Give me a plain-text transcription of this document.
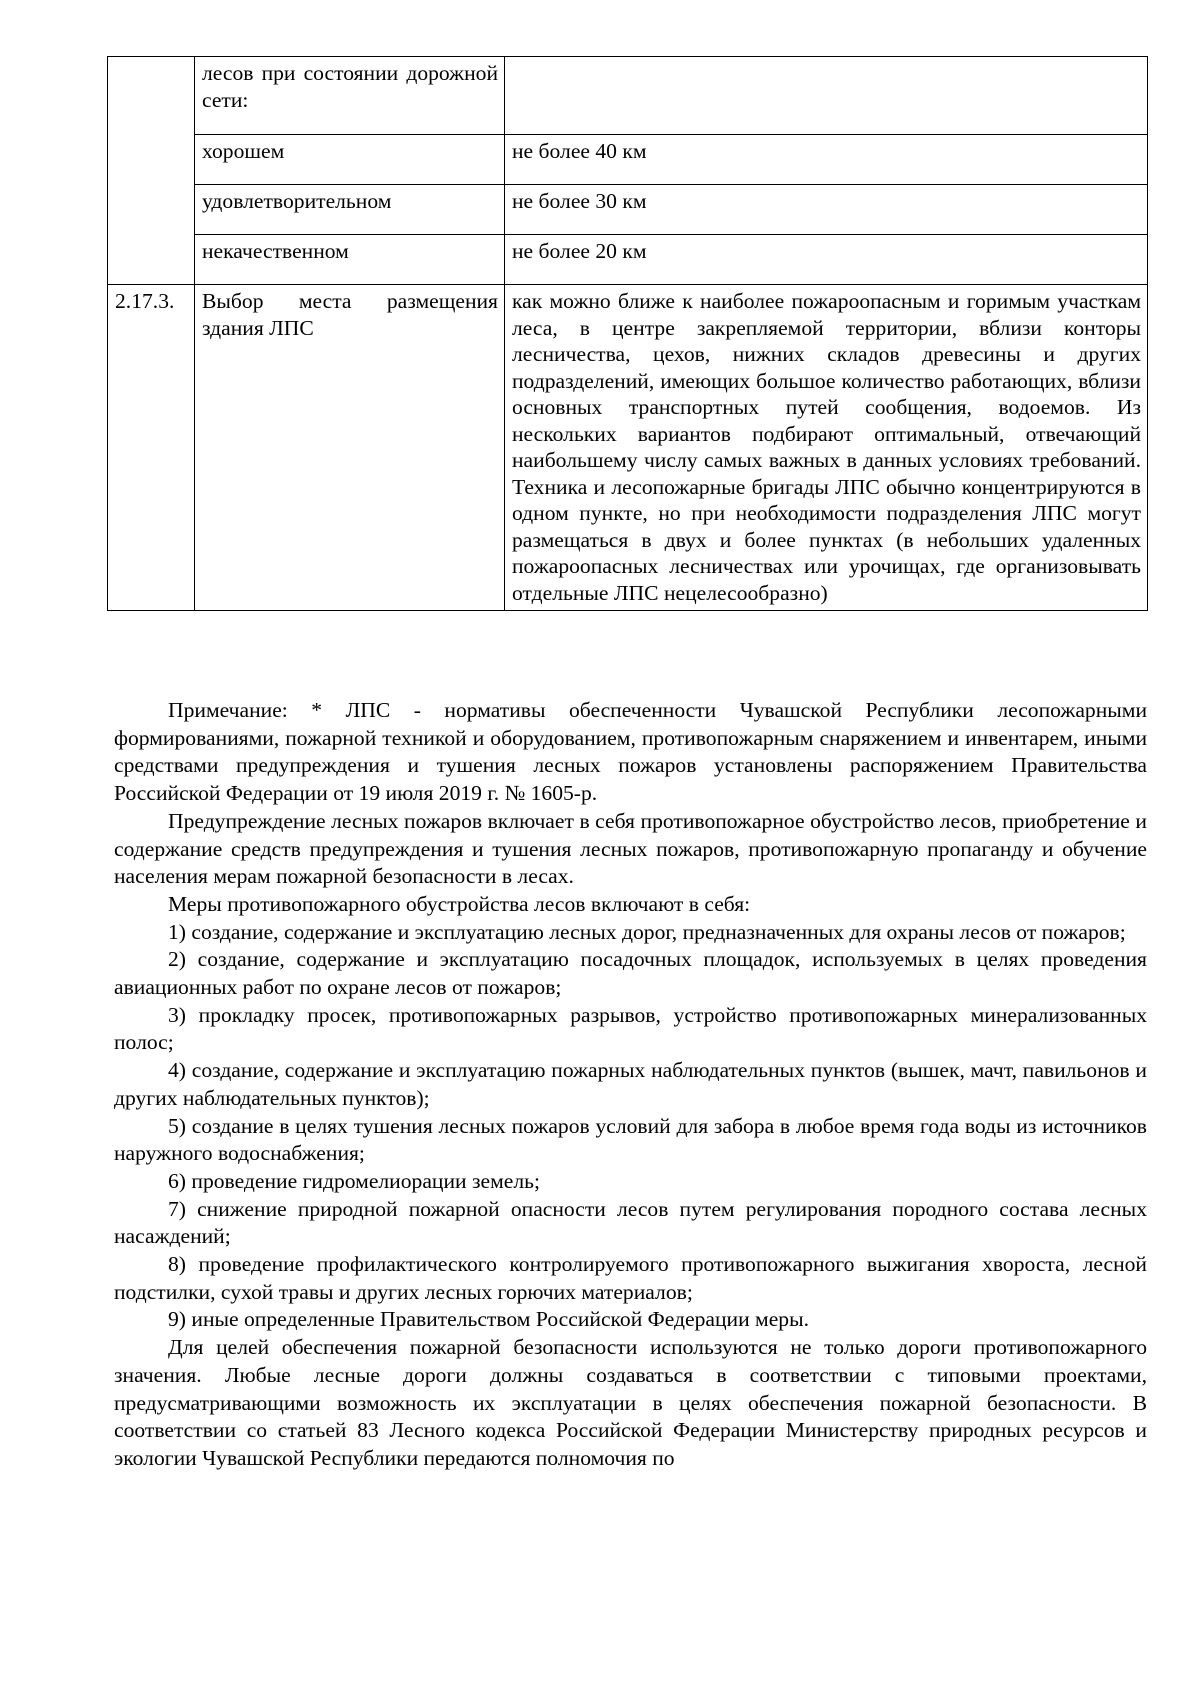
	лесов при состоянии дорожной сети:	
	хорошем	не более 40 км
	удовлетворительном	не более 30 км
	некачественном	не более 20 км
2.17.3.	Выбор места размещения здания ЛПС	как можно ближе к наиболее пожароопасным и горимым участкам леса, в центре закрепляемой территории, вблизи конторы лесничества, цехов, нижних складов древесины и других подразделений, имеющих большое количество работающих, вблизи основных транспортных путей сообщения, водоемов. Из нескольких вариантов подбирают оптимальный, отвечающий наибольшему числу самых важных в данных условиях требований. Техника и лесопожарные бригады ЛПС обычно концентрируются в одном пункте, но при необходимости подразделения ЛПС могут размещаться в двух и более пунктах (в небольших удаленных пожароопасных лесничествах или урочищах, где организовывать отдельные ЛПС нецелесообразно)

Примечание: * ЛПС - нормативы обеспеченности Чувашской Республики лесопожарными формированиями, пожарной техникой и оборудованием, противопожарным снаряжением и инвентарем, иными средствами предупреждения и тушения лесных пожаров установлены распоряжением Правительства Российской Федерации от 19 июля 2019 г. № 1605-р.

Предупреждение лесных пожаров включает в себя противопожарное обустройство лесов, приобретение и содержание средств предупреждения и тушения лесных пожаров, противопожарную пропаганду и обучение населения мерам пожарной безопасности в лесах.

Меры противопожарного обустройства лесов включают в себя:

1) создание, содержание и эксплуатацию лесных дорог, предназначенных для охраны лесов от пожаров;

2) создание, содержание и эксплуатацию посадочных площадок, используемых в целях проведения авиационных работ по охране лесов от пожаров;

3) прокладку просек, противопожарных разрывов, устройство противопожарных минерализованных полос;

4) создание, содержание и эксплуатацию пожарных наблюдательных пунктов (вышек, мачт, павильонов и других наблюдательных пунктов);

5) создание в целях тушения лесных пожаров условий для забора в любое время года воды из источников наружного водоснабжения;

6) проведение гидромелиорации земель;

7) снижение природной пожарной опасности лесов путем регулирования породного состава лесных насаждений;

8) проведение профилактического контролируемого противопожарного выжигания хвороста, лесной подстилки, сухой травы и других лесных горючих материалов;

9) иные определенные Правительством Российской Федерации меры.

Для целей обеспечения пожарной безопасности используются не только дороги противопожарного значения. Любые лесные дороги должны создаваться в соответствии с типовыми проектами, предусматривающими возможность их эксплуатации в целях обеспечения пожарной безопасности. В соответствии со статьей 83 Лесного кодекса Российской Федерации Министерству природных ресурсов и экологии Чувашской Республики передаются полномочия по
